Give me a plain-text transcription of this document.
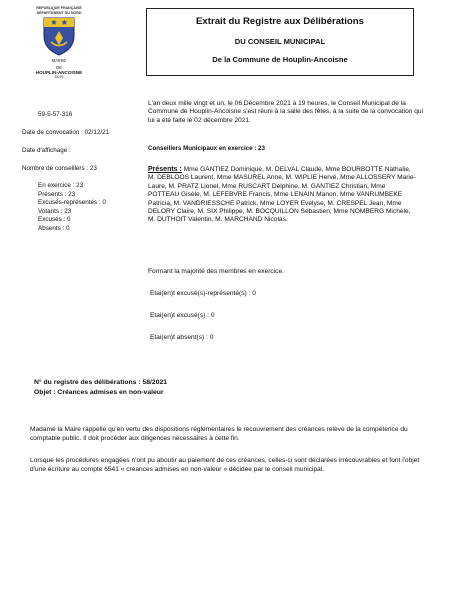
REPUBLIQUE FRANÇAISE
DEPARTEMENT DU NORD
MAIRIE
DE
HOUPLIN-ANCOISNE
59263
Extrait du Registre aux Délibérations
DU CONSEIL MUNICIPAL
De la Commune de Houplin-Ancoisne
59-5-57-316
Date de convocation : 02/12/21
Date d'affichage :
Nombre de conseillers : 23
En exercice : 23
Présents : 23
Excusés-représentés : 0
Votants : 23
Excusés : 0
Absents : 0
L'an deux mille vingt et un, le 06 Décembre 2021 à 19 heures, le Conseil Municipal de la Commune de Houplin-Ancoisne s'est réuni à la salle des fêtes, à la suite de la convocation qui lui a été faite le 02 décembre 2021.
Conseillers Municipaux en exercice : 23
Présents : Mme GANTIEZ Dominique, M. DELVAL Claude, Mme BOURBOTTE Nathalie, M. DEBLOOS Laurent, Mme MASUREL Anne, M. WIPLIE Hervé, Mme ALLOSSERY Marie-Laure, M. PRATZ Lionel, Mme RUSCART Delphine, M. GANTIEZ Christian, Mme POTTEAU Gisèle, M. LEFEBVRE Francis, Mme LENAIN Manon, Mme VANRUMBEKE Patricia, M. VANDRIESSCHE Patrick, Mme LOYER Evelyse, M. CRESPEL Jean, Mme DELORY Claire, M. SIX Philippe, M. BOCQUILLON Sébastien, Mme NOMBERG Michèle, M. DUTHOIT Valentin, M. MARCHAND Nicolas.
Formant la majorité des membres en exercice.
Etai(en)t excusé(s)-représenté(s) : 0
Etai(en)t excusé(s) : 0
Etai(en)t absent(s) : 0
N° du registre des délibérations : 58/2021
Objet : Créances admises en non-valeur
Madame la Maire rappelle qu'en vertu des dispositions réglementaires le recouvrement des créances relève de la compétence du comptable public. Il doit procéder aux diligences nécessaires à cette fin.
Lorsque les procédures engagées n'ont pu aboutir au paiement de ces créances, celles-ci sont déclarées irrécouvrables et font l'objet d'une écriture au compte 6541 « créances admises en non-valeur » décidée par le conseil municipal.
